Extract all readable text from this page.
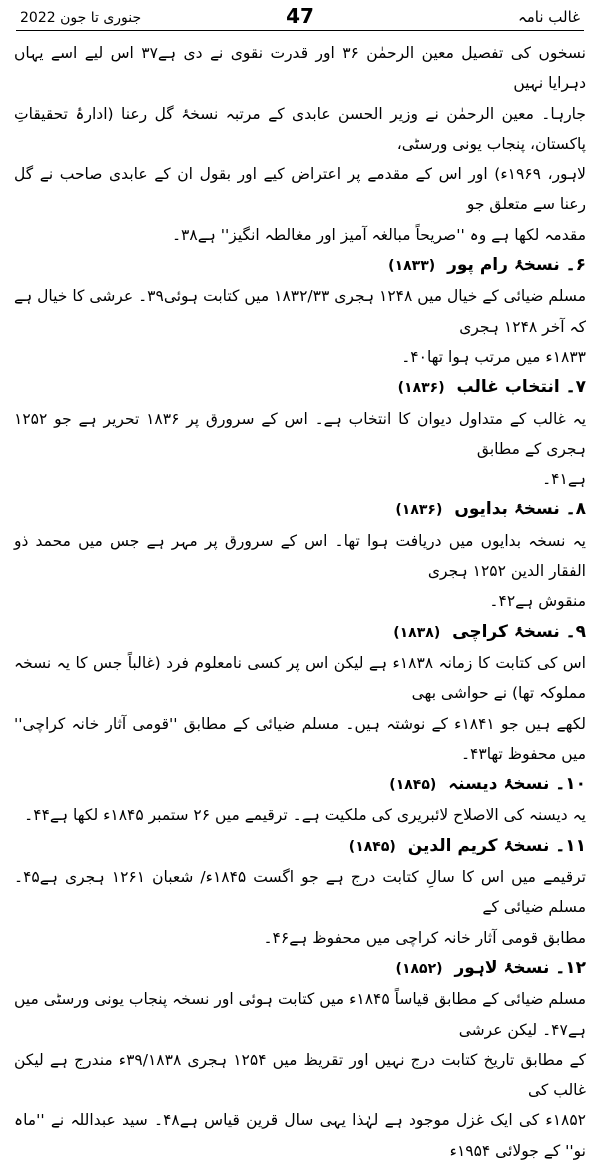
جنوری تا جون 2022	47	غالب نامہ

نسخوں کی تفصیل معین الرحمٰن ۳۶ اور قدرت نقوی نے دی ہے۳۷ اس لیے اسے یہاں دہرایا نہیں

جارہا۔ معین الرحمٰن نے وزیر الحسن عابدی کے مرتبہ نسخۂ گل رعنا (ادارۂ تحقیقاتِ پاکستان، پنجاب یونی ورسٹی،

لاہور، ۱۹۶۹ء) اور اس کے مقدمے پر اعتراض کیے اور بقول ان کے عابدی صاحب نے گل رعنا سے متعلق جو

مقدمہ لکھا ہے وہ ''صریحاً مبالغہ آمیز اور مغالطہ انگیز'' ہے۳۸۔

۶۔ نسخۂ رام پور (۱۸۳۳)

مسلم ضیائی کے خیال میں ۱۲۴۸ ہجری ۱۸۳۲/۳۳ میں کتابت ہوئی۳۹۔ عرشی کا خیال ہے کہ آخر ۱۲۴۸ ہجری

۱۸۳۳ء میں مرتب ہوا تھا۴۰۔

۷۔ انتخاب غالب (۱۸۳۶)

یہ غالب کے متداول دیوان کا انتخاب ہے۔ اس کے سرورق پر ۱۸۳۶ تحریر ہے جو ۱۲۵۲ ہجری کے مطابق

ہے۴۱۔

۸۔ نسخۂ بدایوں (۱۸۳۶)

یہ نسخہ بدایوں میں دریافت ہوا تھا۔ اس کے سرورق پر مہر ہے جس میں محمد ذو الفقار الدین ۱۲۵۲ ہجری

منقوش ہے۴۲۔

۹۔ نسخۂ کراچی (۱۸۳۸)

اس کی کتابت کا زمانہ ۱۸۳۸ء ہے لیکن اس پر کسی نامعلوم فرد (غالباً جس کا یہ نسخہ مملوکہ تھا) نے حواشی بھی

لکھے ہیں جو ۱۸۴۱ء کے نوشتہ ہیں۔ مسلم ضیائی کے مطابق ''قومی آثار خانہ کراچی'' میں محفوظ تھا۴۳۔

۱۰۔ نسخۂ دیسنہ (۱۸۴۵)

یہ دیسنہ کی الاصلاح لائبریری کی ملکیت ہے۔ ترقیمے میں ۲۶ ستمبر ۱۸۴۵ء لکھا ہے۴۴۔

۱۱۔ نسخۂ کریم الدین (۱۸۴۵)

ترقیمے میں اس کا سالِ کتابت درج ہے جو اگست ۱۸۴۵ء/ شعبان ۱۲۶۱ ہجری ہے۴۵۔ مسلم ضیائی کے

مطابق قومی آثار خانہ کراچی میں محفوظ ہے۴۶۔

۱۲۔ نسخۂ لاہور (۱۸۵۲)

مسلم ضیائی کے مطابق قیاساً ۱۸۴۵ء میں کتابت ہوئی اور نسخہ پنجاب یونی ورسٹی میں ہے۴۷۔ لیکن عرشی

کے مطابق تاریخ کتابت درج نہیں اور تقریظ میں ۱۲۵۴ ہجری ۳۹/۱۸۳۸ء مندرج ہے لیکن غالب کی

۱۸۵۲ء کی ایک غزل موجود ہے لہٰذا یہی سال قرین قیاس ہے۴۸۔ سید عبداللہ نے ''ماہ نو'' کے جولائی ۱۹۵۴ء
